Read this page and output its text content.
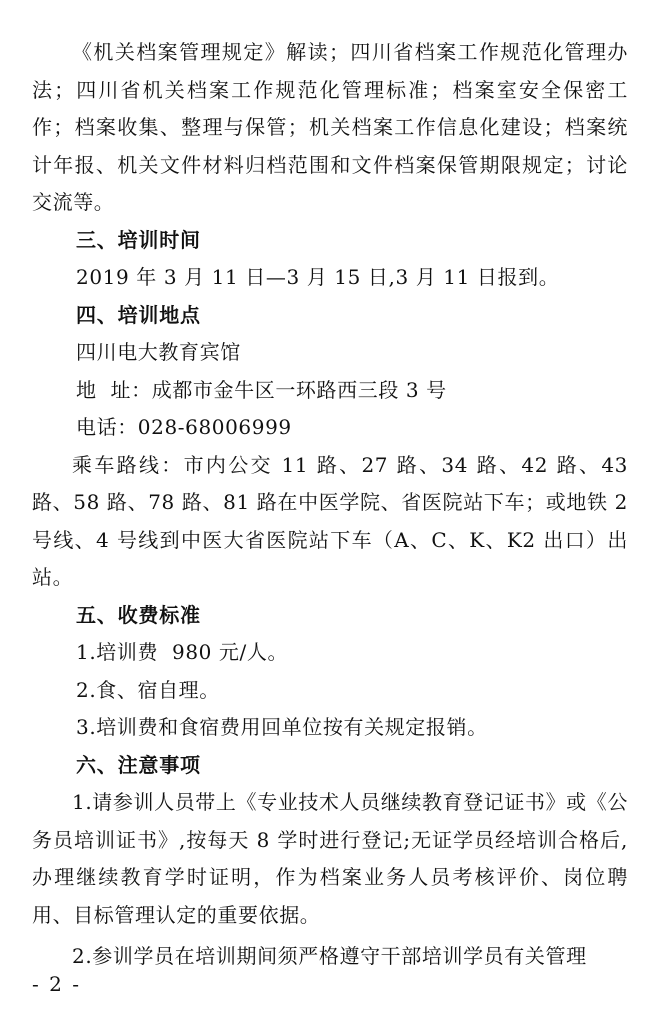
《机关档案管理规定》解读；四川省档案工作规范化管理办法；四川省机关档案工作规范化管理标准；档案室安全保密工作；档案收集、整理与保管；机关档案工作信息化建设；档案统计年报、机关文件材料归档范围和文件档案保管期限规定；讨论交流等。

三、培训时间

2019 年 3 月 11 日—3 月 15 日,3 月 11 日报到。

四、培训地点

四川电大教育宾馆

地  址：成都市金牛区一环路西三段 3 号

电话：028-68006999

乘车路线：市内公交 11 路、27 路、34 路、42 路、43 路、58 路、78 路、81 路在中医学院、省医院站下车；或地铁 2 号线、4 号线到中医大省医院站下车（A、C、K、K2 出口）出站。

五、收费标准

1.培训费  980 元/人。

2.食、宿自理。

3.培训费和食宿费用回单位按有关规定报销。

六、注意事项

1.请参训人员带上《专业技术人员继续教育登记证书》或《公务员培训证书》,按每天 8 学时进行登记;无证学员经培训合格后,办理继续教育学时证明，作为档案业务人员考核评价、岗位聘用、目标管理认定的重要依据。

2.参训学员在培训期间须严格遵守干部培训学员有关管理

- 2 -
